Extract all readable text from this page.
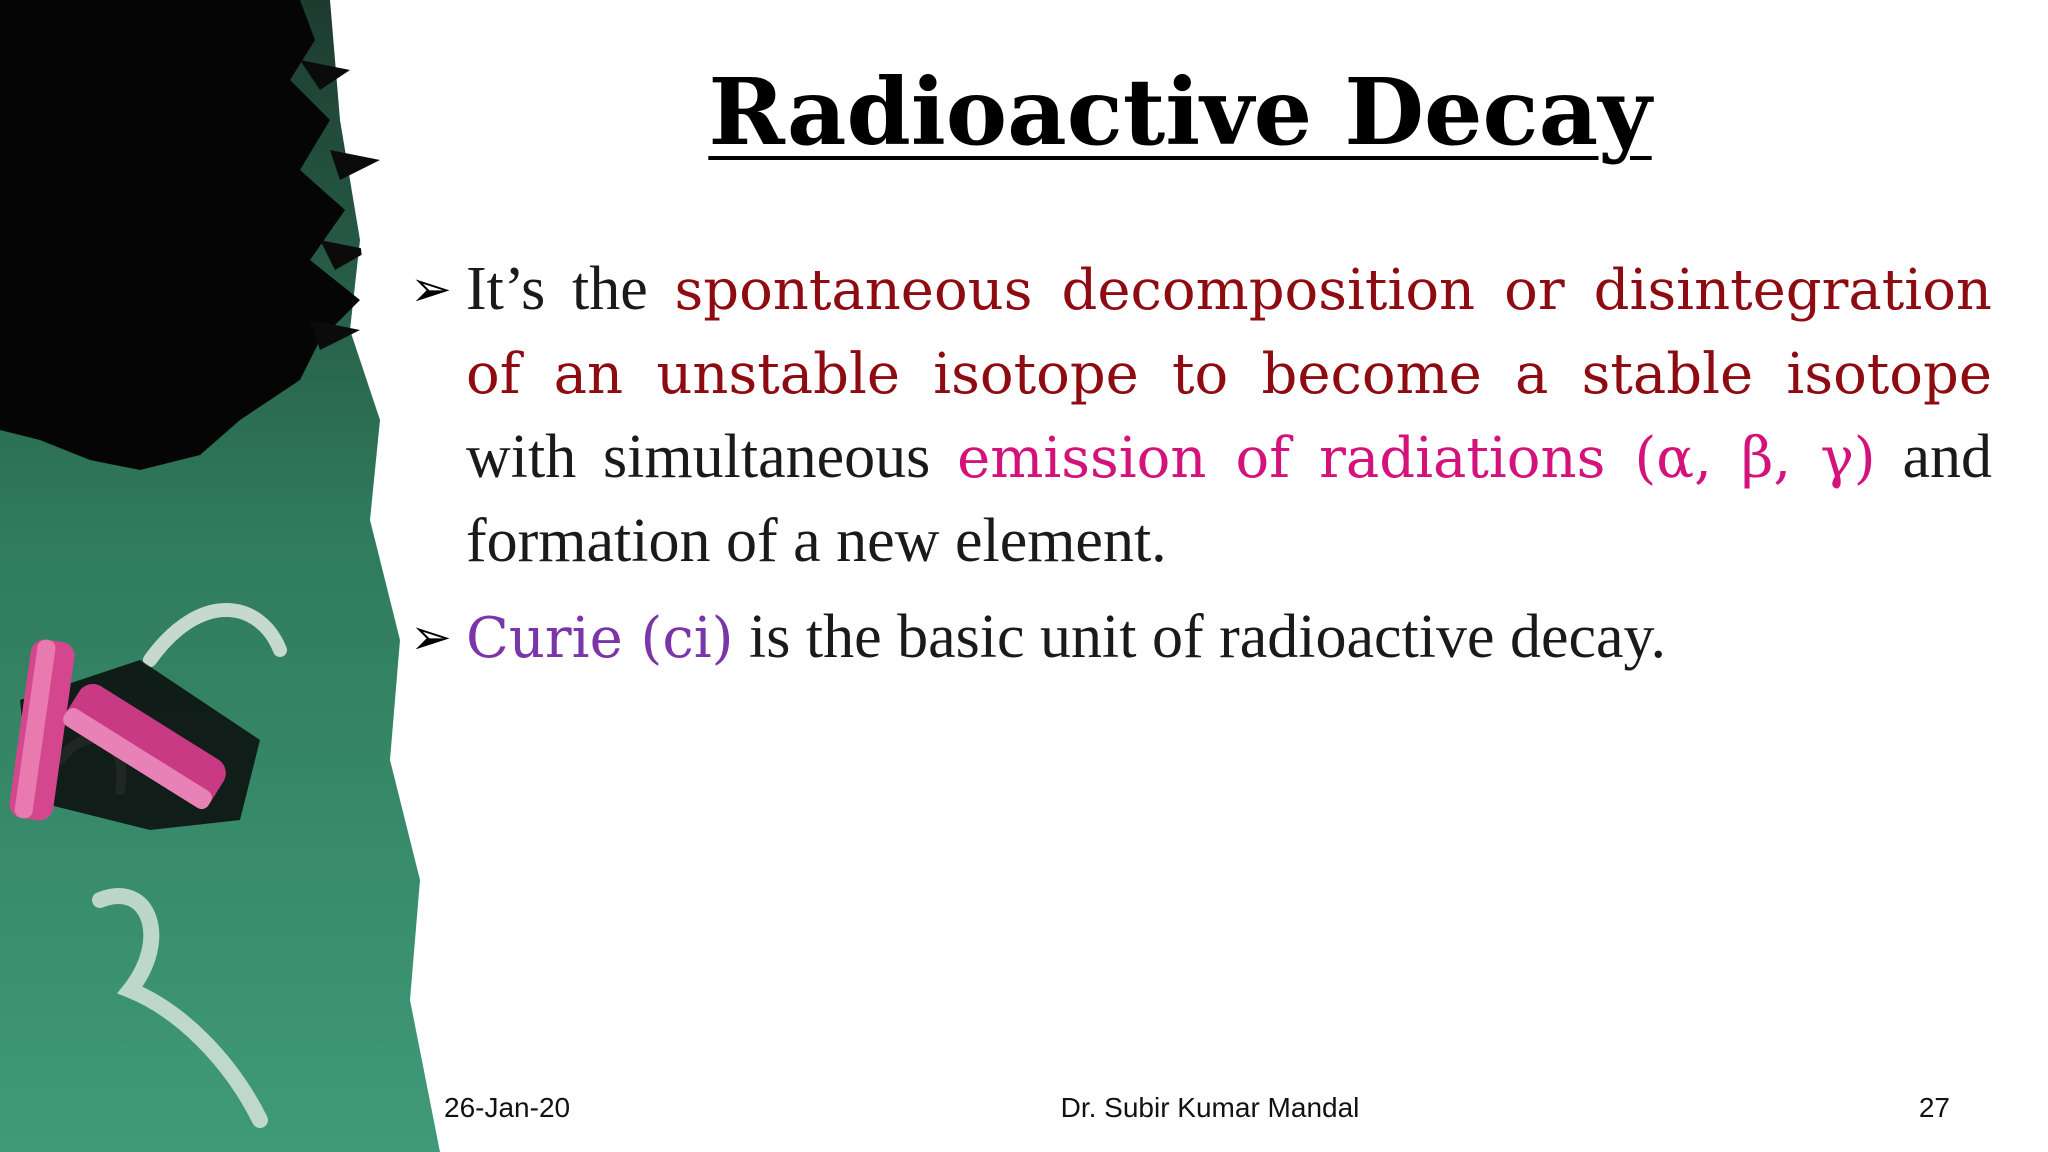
Radioactive Decay

➢ It’s the spontaneous decomposition or disintegration of an unstable isotope to become a stable isotope with simultaneous emission of radiations (α, β, γ) and formation of a new element.

➢ Curie (ci) is the basic unit of radioactive decay.

26-Jan-20	Dr. Subir Kumar Mandal	27
